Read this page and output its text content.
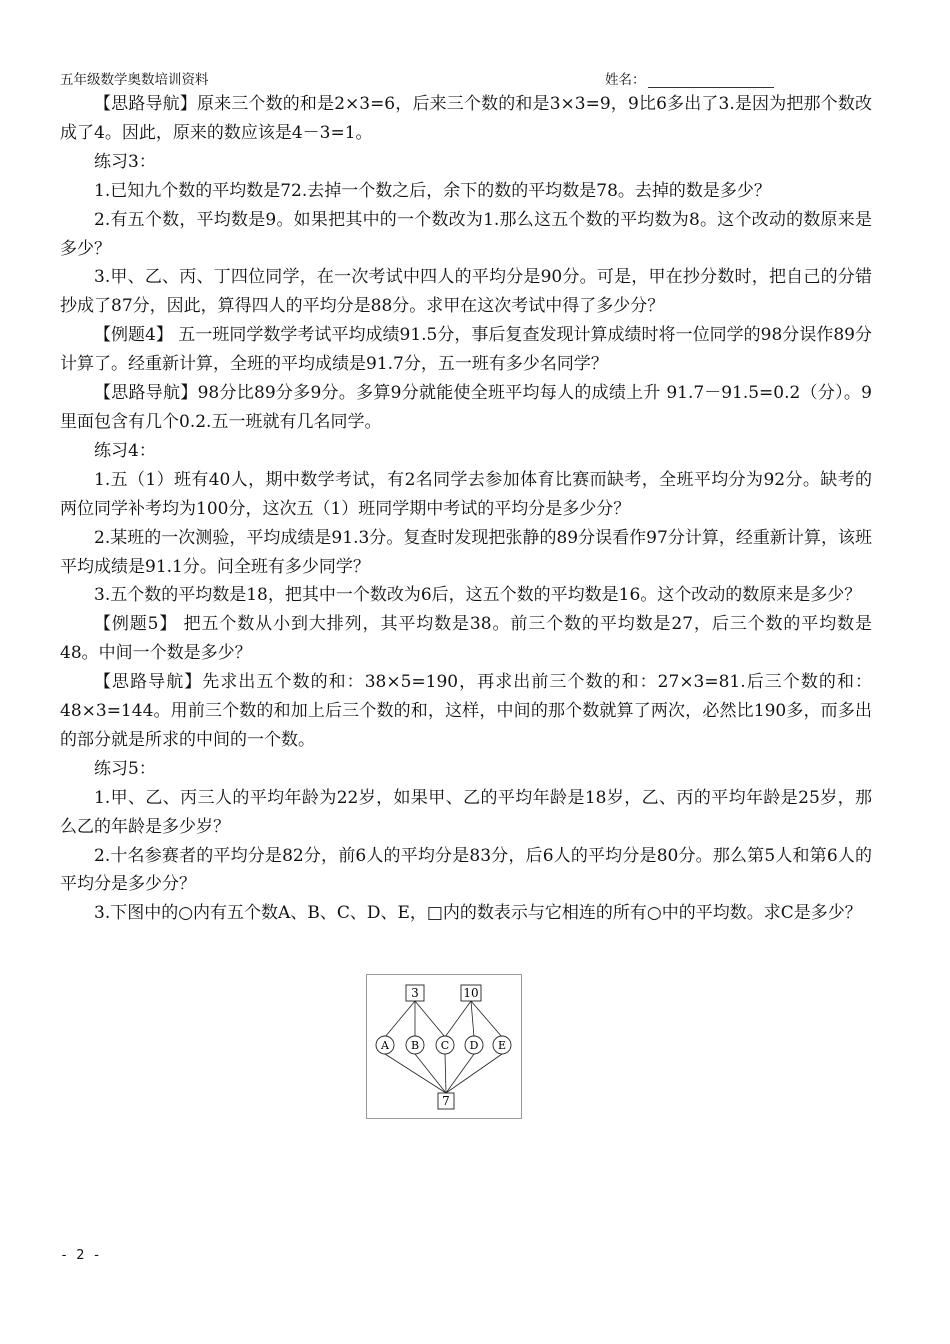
五年级数学奥数培训资料	姓名：

【思路导航】原来三个数的和是2×3=6，后来三个数的和是3×3=9，9比6多出了3.是因为把那个数改成了4。因此，原来的数应该是4－3=1。

练习3：

1.已知九个数的平均数是72.去掉一个数之后，余下的数的平均数是78。去掉的数是多少？

2.有五个数，平均数是9。如果把其中的一个数改为1.那么这五个数的平均数为8。这个改动的数原来是多少？

3.甲、乙、丙、丁四位同学，在一次考试中四人的平均分是90分。可是，甲在抄分数时，把自己的分错抄成了87分，因此，算得四人的平均分是88分。求甲在这次考试中得了多少分？

【例题4】 五一班同学数学考试平均成绩91.5分，事后复查发现计算成绩时将一位同学的98分误作89分计算了。经重新计算，全班的平均成绩是91.7分，五一班有多少名同学？

【思路导航】98分比89分多9分。多算9分就能使全班平均每人的成绩上升 91.7－91.5=0.2（分）。9里面包含有几个0.2.五一班就有几名同学。

练习4：

1.五（1）班有40人，期中数学考试，有2名同学去参加体育比赛而缺考，全班平均分为92分。缺考的两位同学补考均为100分，这次五（1）班同学期中考试的平均分是多少分？

2.某班的一次测验，平均成绩是91.3分。复查时发现把张静的89分误看作97分计算，经重新计算，该班平均成绩是91.1分。问全班有多少同学？

3.五个数的平均数是18，把其中一个数改为6后，这五个数的平均数是16。这个改动的数原来是多少？

【例题5】 把五个数从小到大排列，其平均数是38。前三个数的平均数是27，后三个数的平均数是48。中间一个数是多少？

【思路导航】先求出五个数的和：38×5=190，再求出前三个数的和：27×3=81.后三个数的和：48×3=144。用前三个数的和加上后三个数的和，这样，中间的那个数就算了两次，必然比190多，而多出的部分就是所求的中间的一个数。

练习5：

1.甲、乙、丙三人的平均年龄为22岁，如果甲、乙的平均年龄是18岁，乙、丙的平均年龄是25岁，那么乙的年龄是多少岁？

2.十名参赛者的平均分是82分，前6人的平均分是83分，后6人的平均分是80分。那么第5人和第6人的平均分是多少分？

3.下图中的○内有五个数A、B、C、D、E，□内的数表示与它相连的所有○中的平均数。求C是多少？

3	10
A B C D E
7
- 2 -
